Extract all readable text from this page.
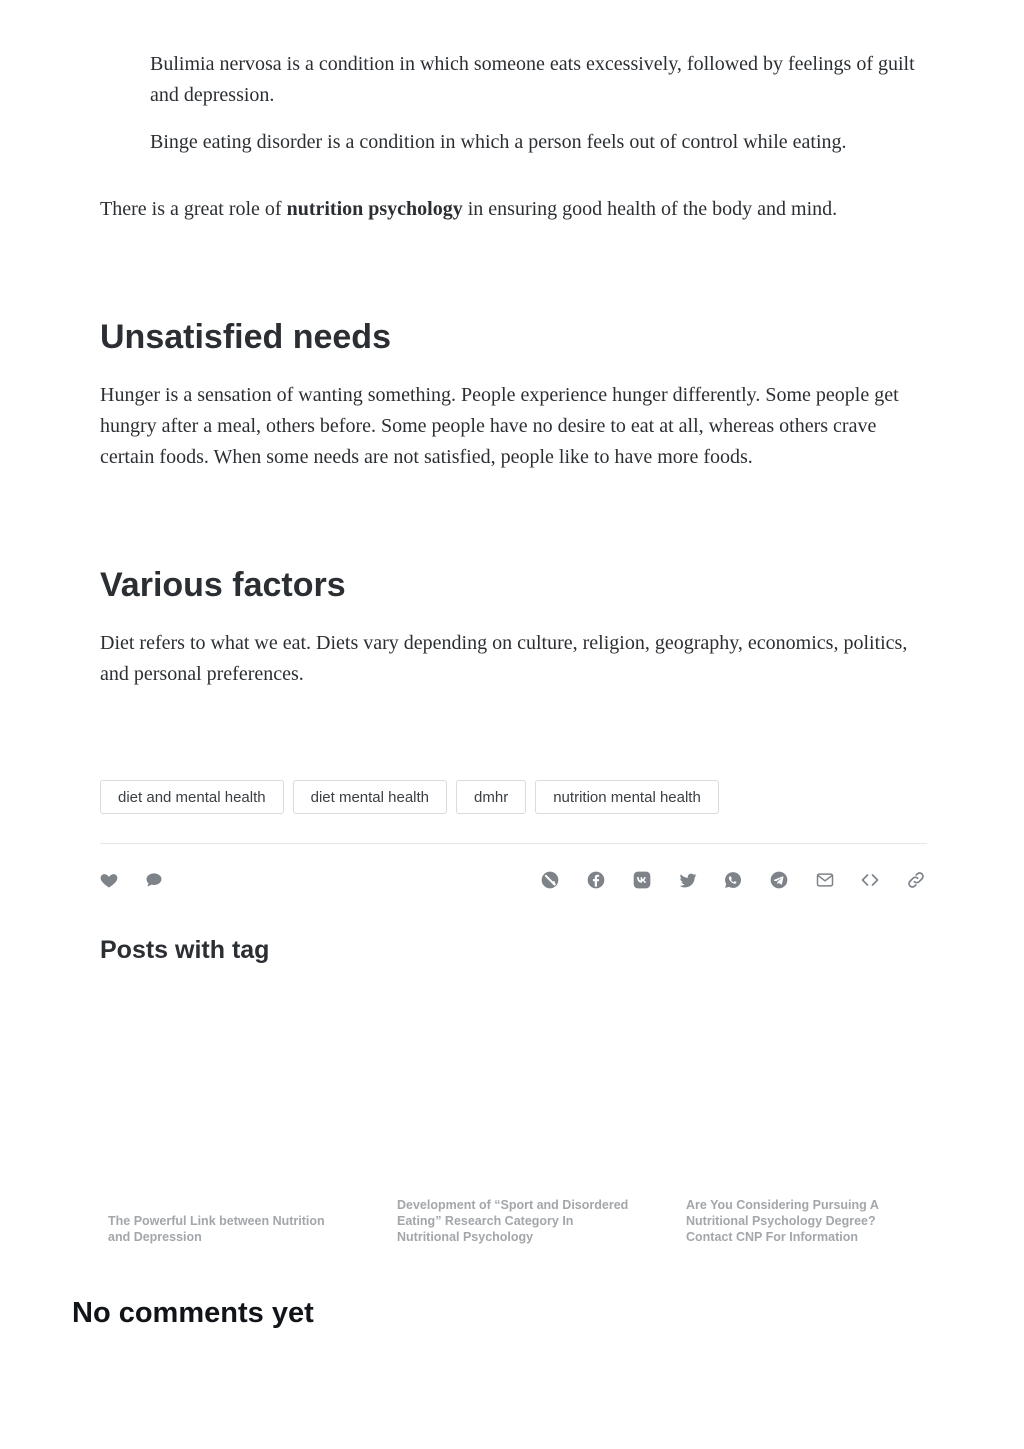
Bulimia nervosa is a condition in which someone eats excessively, followed by feelings of guilt and depression.

Binge eating disorder is a condition in which a person feels out of control while eating.

There is a great role of nutrition psychology in ensuring good health of the body and mind.

Unsatisfied needs

Hunger is a sensation of wanting something. People experience hunger differently. Some people get hungry after a meal, others before. Some people have no desire to eat at all, whereas others crave certain foods. When some needs are not satisfied, people like to have more foods.

Various factors

Diet refers to what we eat. Diets vary depending on culture, religion, geography, economics, politics, and personal preferences.

diet and mental health	diet mental health	dmhr	nutrition mental health
Posts with tag
The Powerful Link between Nutrition and Depression
Development of “Sport and Disordered Eating” Research Category In Nutritional Psychology
Are You Considering Pursuing A Nutritional Psychology Degree? Contact CNP For Information
No comments yet
